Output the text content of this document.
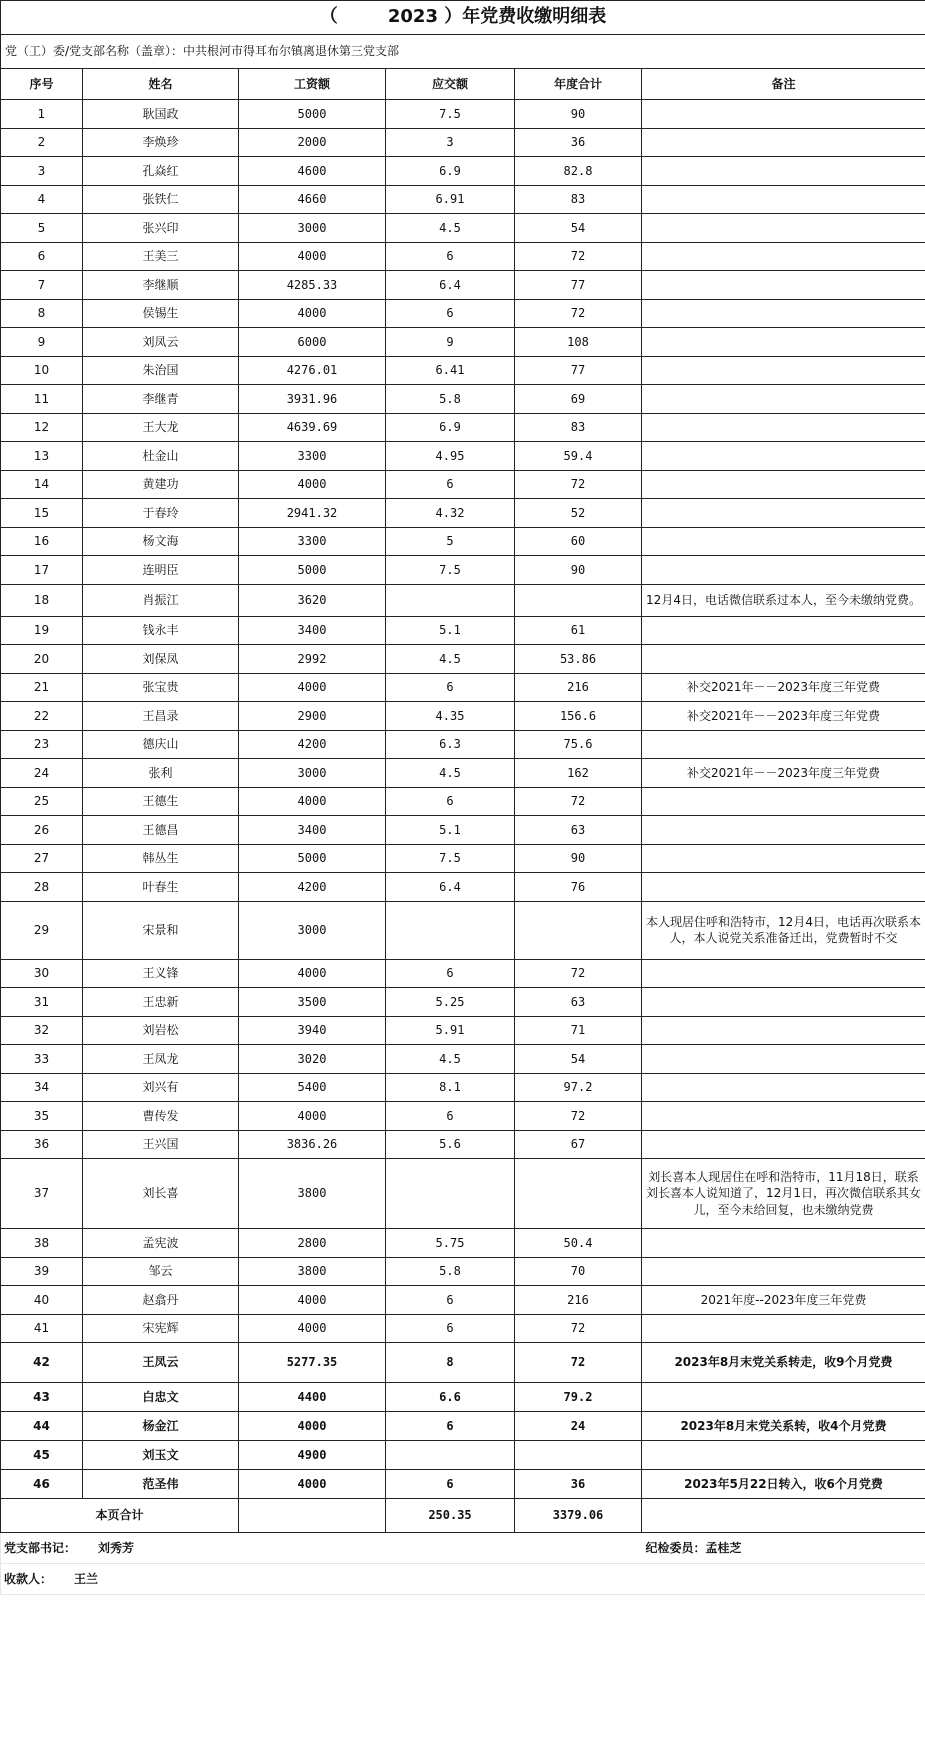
（        2023 ）年党费收缴明细表					
党（工）委/党支部名称（盖章）：中共根河市得耳布尔镇离退休第三党支部					
序号	姓名	工资额	应交额	年度合计	备注
1	耿国政	5000	7.5	90	
2	李焕珍	2000	3	36	
3	孔焱红	4600	6.9	82.8	
4	张铁仁	4660	6.91	83	
5	张兴印	3000	4.5	54	
6	王美三	4000	6	72	
7	李继顺	4285.33	6.4	77	
8	侯锡生	4000	6	72	
9	刘凤云	6000	9	108	
10	朱治国	4276.01	6.41	77	
11	李继青	3931.96	5.8	69	
12	王大龙	4639.69	6.9	83	
13	杜金山	3300	4.95	59.4	
14	黄建功	4000	6	72	
15	于春玲	2941.32	4.32	52	
16	杨文海	3300	5	60	
17	连明臣	5000	7.5	90	
18	肖振江	3620			12月4日，电话微信联系过本人，至今未缴纳党费。
19	钱永丰	3400	5.1	61	
20	刘保凤	2992	4.5	53.86	
21	张宝贵	4000	6	216	补交2021年－－2023年度三年党费
22	王昌录	2900	4.35	156.6	补交2021年－－2023年度三年党费
23	德庆山	4200	6.3	75.6	
24	张利	3000	4.5	162	补交2021年－－2023年度三年党费
25	王德生	4000	6	72	
26	王德昌	3400	5.1	63	
27	韩丛生	5000	7.5	90	
28	叶春生	4200	6.4	76	
29	宋景和	3000			本人现居住呼和浩特市，12月4日，电话再次联系本人，本人说党关系准备迁出，党费暂时不交
30	王义锋	4000	6	72	
31	王忠新	3500	5.25	63	
32	刘岩松	3940	5.91	71	
33	王凤龙	3020	4.5	54	
34	刘兴有	5400	8.1	97.2	
35	曹传发	4000	6	72	
36	王兴国	3836.26	5.6	67	
37	刘长喜	3800			刘长喜本人现居住在呼和浩特市，11月18日，联系刘长喜本人说知道了，12月1日，再次微信联系其女儿，至今未给回复，也未缴纳党费
38	孟宪波	2800	5.75	50.4	
39	邹云	3800	5.8	70	
40	赵翕丹	4000	6	216	2021年度--2023年度三年党费
41	宋宪辉	4000	6	72	
42	王凤云	5277.35	8	72	2023年8月末党关系转走，收9个月党费
43	白忠文	4400	6.6	79.2	
44	杨金江	4000	6	24	2023年8月末党关系转，收4个月党费
45	刘玉文	4900			
46	范圣伟	4000	6	36	2023年5月22日转入，收6个月党费
本页合计			250.35	3379.06	
党支部书记： 刘秀芳					纪检委员：孟桂芝
收款人： 王兰					
